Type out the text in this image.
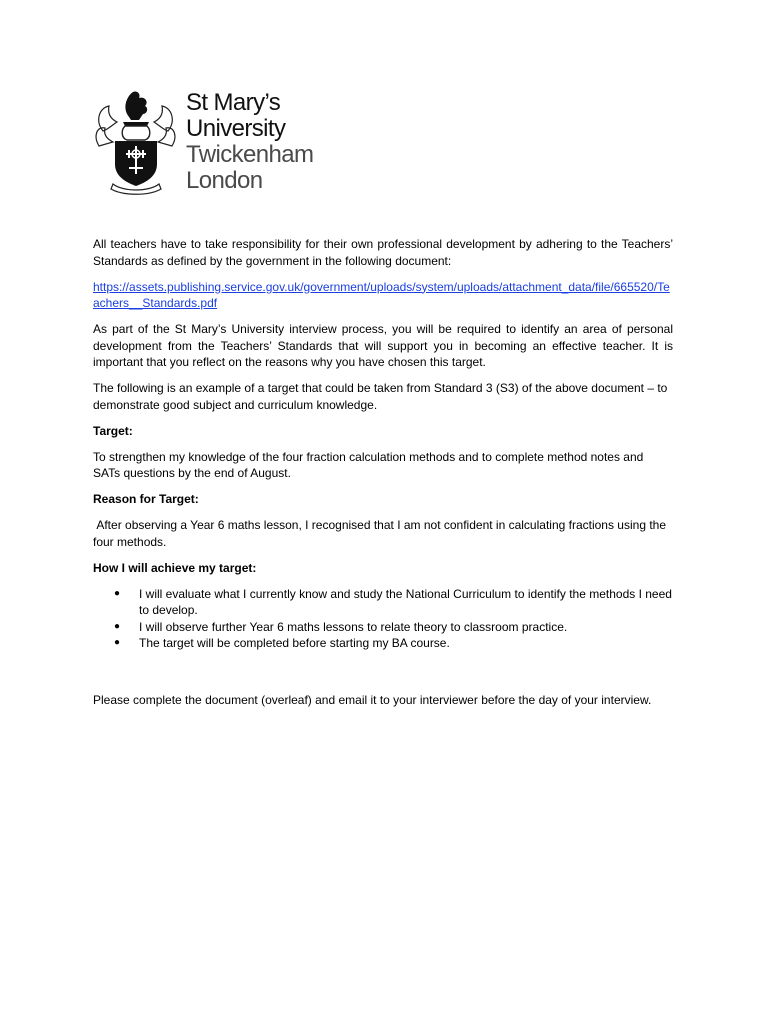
St Mary’s
University
Twickenham
London

All teachers have to take responsibility for their own professional development by adhering to the Teachers’ Standards as defined by the government in the following document:

https://assets.publishing.service.gov.uk/government/uploads/system/uploads/attachment_data/file/665520/Teachers__Standards.pdf

As part of the St Mary’s University interview process, you will be required to identify an area of personal development from the Teachers’ Standards that will support you in becoming an effective teacher. It is important that you reflect on the reasons why you have chosen this target.

The following is an example of a target that could be taken from Standard 3 (S3) of the above document – to demonstrate good subject and curriculum knowledge.

Target:

To strengthen my knowledge of the four fraction calculation methods and to complete method notes and SATs questions by the end of August.

Reason for Target:

After observing a Year 6 maths lesson, I recognised that I am not confident in calculating fractions using the four methods.

How I will achieve my target:
● I will evaluate what I currently know and study the National Curriculum to identify the methods I need to develop.
● I will observe further Year 6 maths lessons to relate theory to classroom practice.
● The target will be completed before starting my BA course.

Please complete the document (overleaf) and email it to your interviewer before the day of your interview.
